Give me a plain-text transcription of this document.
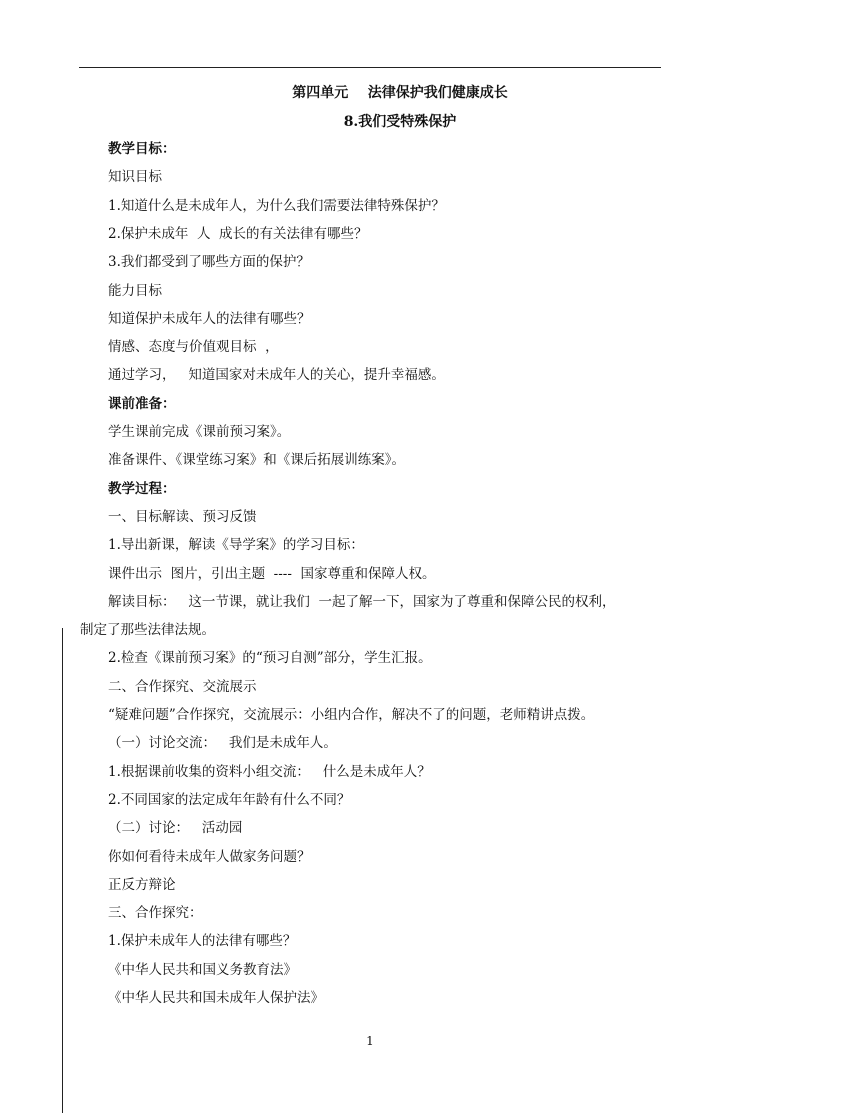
第四单元    法律保护我们健康成长
8.我们受特殊保护
教学目标：
知识目标
1.知道什么是未成年人，为什么我们需要法律特殊保护？
2.保护未成年  人  成长的有关法律有哪些？
3.我们都受到了哪些方面的保护？
能力目标
知道保护未成年人的法律有哪些？
情感、态度与价值观目标  ，
通过学习，   知道国家对未成年人的关心，提升幸福感。
课前准备：
学生课前完成《课前预习案》。
准备课件、《课堂练习案》和《课后拓展训练案》。
教学过程：
一、目标解读、预习反馈
1.导出新课，解读《导学案》的学习目标：
课件出示  图片，引出主题  ----  国家尊重和保障人权。
解读目标：   这一节课，就让我们  一起了解一下，国家为了尊重和保障公民的权利，
制定了那些法律法规。
2.检查《课前预习案》的“预习自测”部分，学生汇报。
二、合作探究、交流展示
“疑难问题”合作探究，交流展示：小组内合作，解决不了的问题，老师精讲点拨。
（一）讨论交流：   我们是未成年人。
1.根据课前收集的资料小组交流：   什么是未成年人？
2.不同国家的法定成年年龄有什么不同？
（二）讨论：   活动园
你如何看待未成年人做家务问题？
正反方辩论
三、合作探究：
1.保护未成年人的法律有哪些？
《中华人民共和国义务教育法》
《中华人民共和国未成年人保护法》
1
